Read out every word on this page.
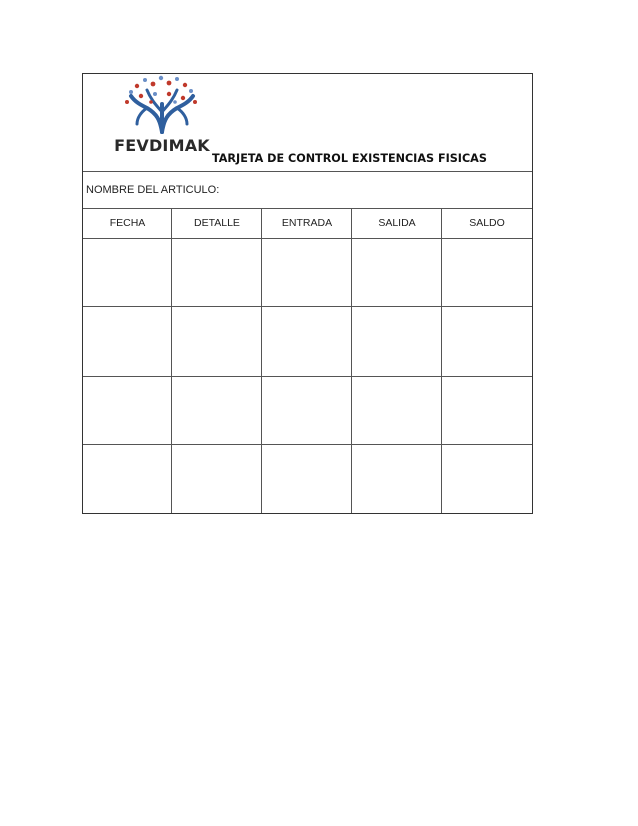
FEVDIMAK
TARJETA DE CONTROL EXISTENCIAS FISICAS
NOMBRE DEL ARTICULO:
FECHA	DETALLE	ENTRADA	SALIDA	SALDO
